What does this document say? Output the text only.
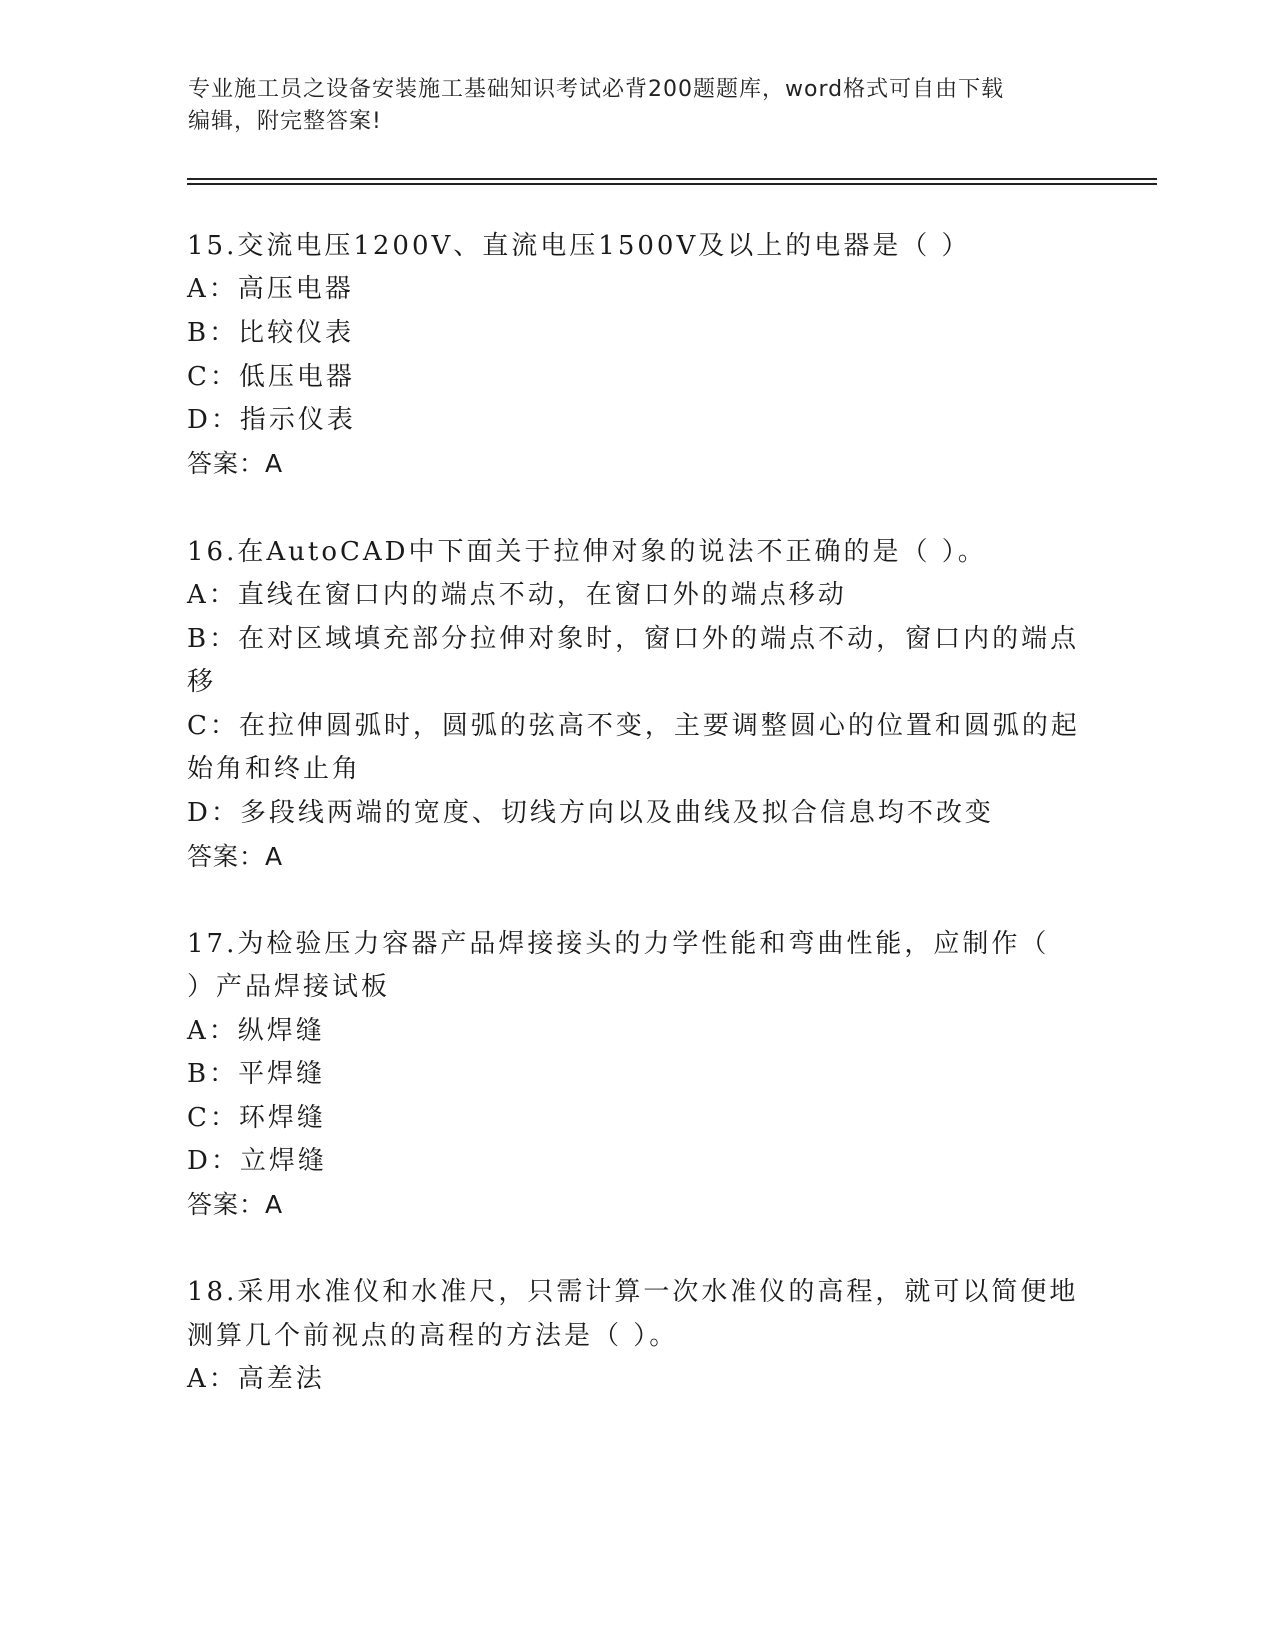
专业施工员之设备安装施工基础知识考试必背200题题库，word格式可自由下载
编辑，附完整答案!
15.交流电压1200V、直流电压1500V及以上的电器是（ ）
A：高压电器
B：比较仪表
C：低压电器
D：指示仪表
答案：A
16.在AutoCAD中下面关于拉伸对象的说法不正确的是（ ）。
A：直线在窗口内的端点不动，在窗口外的端点移动
B：在对区域填充部分拉伸对象时，窗口外的端点不动，窗口内的端点
移
C：在拉伸圆弧时，圆弧的弦高不变，主要调整圆心的位置和圆弧的起
始角和终止角
D：多段线两端的宽度、切线方向以及曲线及拟合信息均不改变
答案：A
17.为检验压力容器产品焊接接头的力学性能和弯曲性能，应制作（
）产品焊接试板
A：纵焊缝
B：平焊缝
C：环焊缝
D：立焊缝
答案：A
18.采用水准仪和水准尺，只需计算一次水准仪的高程，就可以简便地
测算几个前视点的高程的方法是（ ）。
A：高差法
